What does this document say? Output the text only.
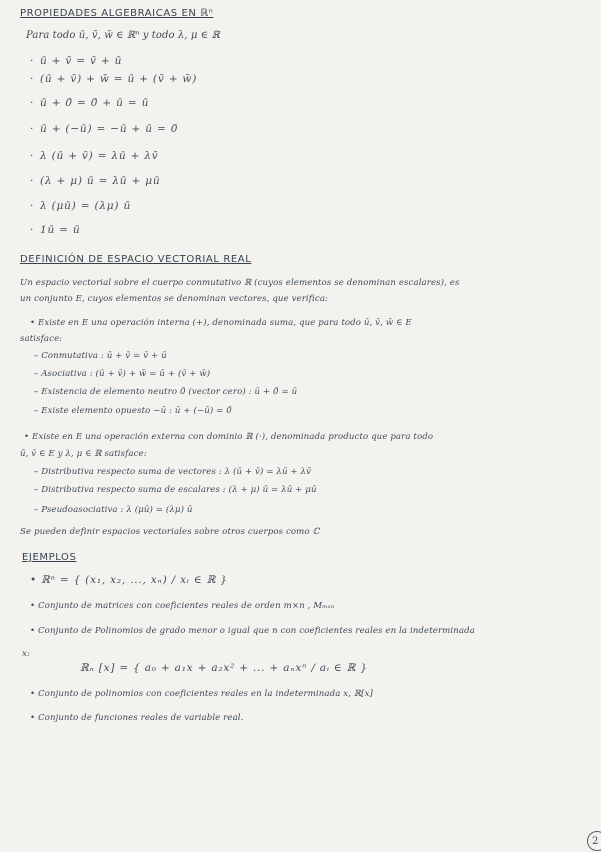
PROPIEDADES ALGEBRAICAS EN ℝⁿ
Para todo ū, v̄, w̄ ∈ ℝⁿ y todo λ, μ ∈ ℝ
· ū + v̄ = v̄ + ū
· (ū + v̄) + w̄ = ū + (v̄ + w̄)
· ū + 0̄ = 0̄ + ū = ū
· ū + (−ū) = −ū + ū = 0̄
· λ (ū + v̄) = λū + λv̄
· (λ + μ) ū = λū + μū
· λ (μū) = (λμ) ū
· 1ū = ū
DEFINICIÓN DE ESPACIO VECTORIAL REAL
Un espacio vectorial sobre el cuerpo conmutativo ℝ (cuyos elementos se denominan escalares), es
un conjunto E, cuyos elementos se denominan vectores, que verifica:
• Existe en E una operación interna (+), denominada suma, que para todo ū, v̄, w̄ ∈ E
satisface:
– Conmutativa : ū + v̄ = v̄ + ū
– Asociativa : (ū + v̄) + w̄ = ū + (v̄ + w̄)
– Existencia de elemento neutro 0̄ (vector cero) : ū + 0̄ = ū
– Existe elemento opuesto −ū : ū + (−ū) = 0̄
• Existe en E una operación externa con dominio ℝ (·), denominada producto que para todo
ū, v̄ ∈ E y λ, μ ∈ ℝ satisface:
– Distributiva respecto suma de vectores : λ (ū + v̄) = λū + λv̄
– Distributiva respecto suma de escalares : (λ + μ) ū = λū + μū
– Pseudoasociativa : λ (μū) = (λμ) ū
Se pueden definir espacios vectoriales sobre otros cuerpos como ℂ
EJEMPLOS
• ℝⁿ = { (x₁, x₂, ..., xₙ) / xᵢ ∈ ℝ }
• Conjunto de matrices con coeficientes reales de orden m×n , Mₘₓₙ
• Conjunto de Polinomios de grado menor o igual que n con coeficientes reales en la indeterminada
x:
ℝₙ [x] = { a₀ + a₁x + a₂x² + ... + aₙxⁿ / aᵢ ∈ ℝ }
• Conjunto de polinomios con coeficientes reales en la indeterminada x, ℝ[x]
• Conjunto de funciones reales de variable real.
2
